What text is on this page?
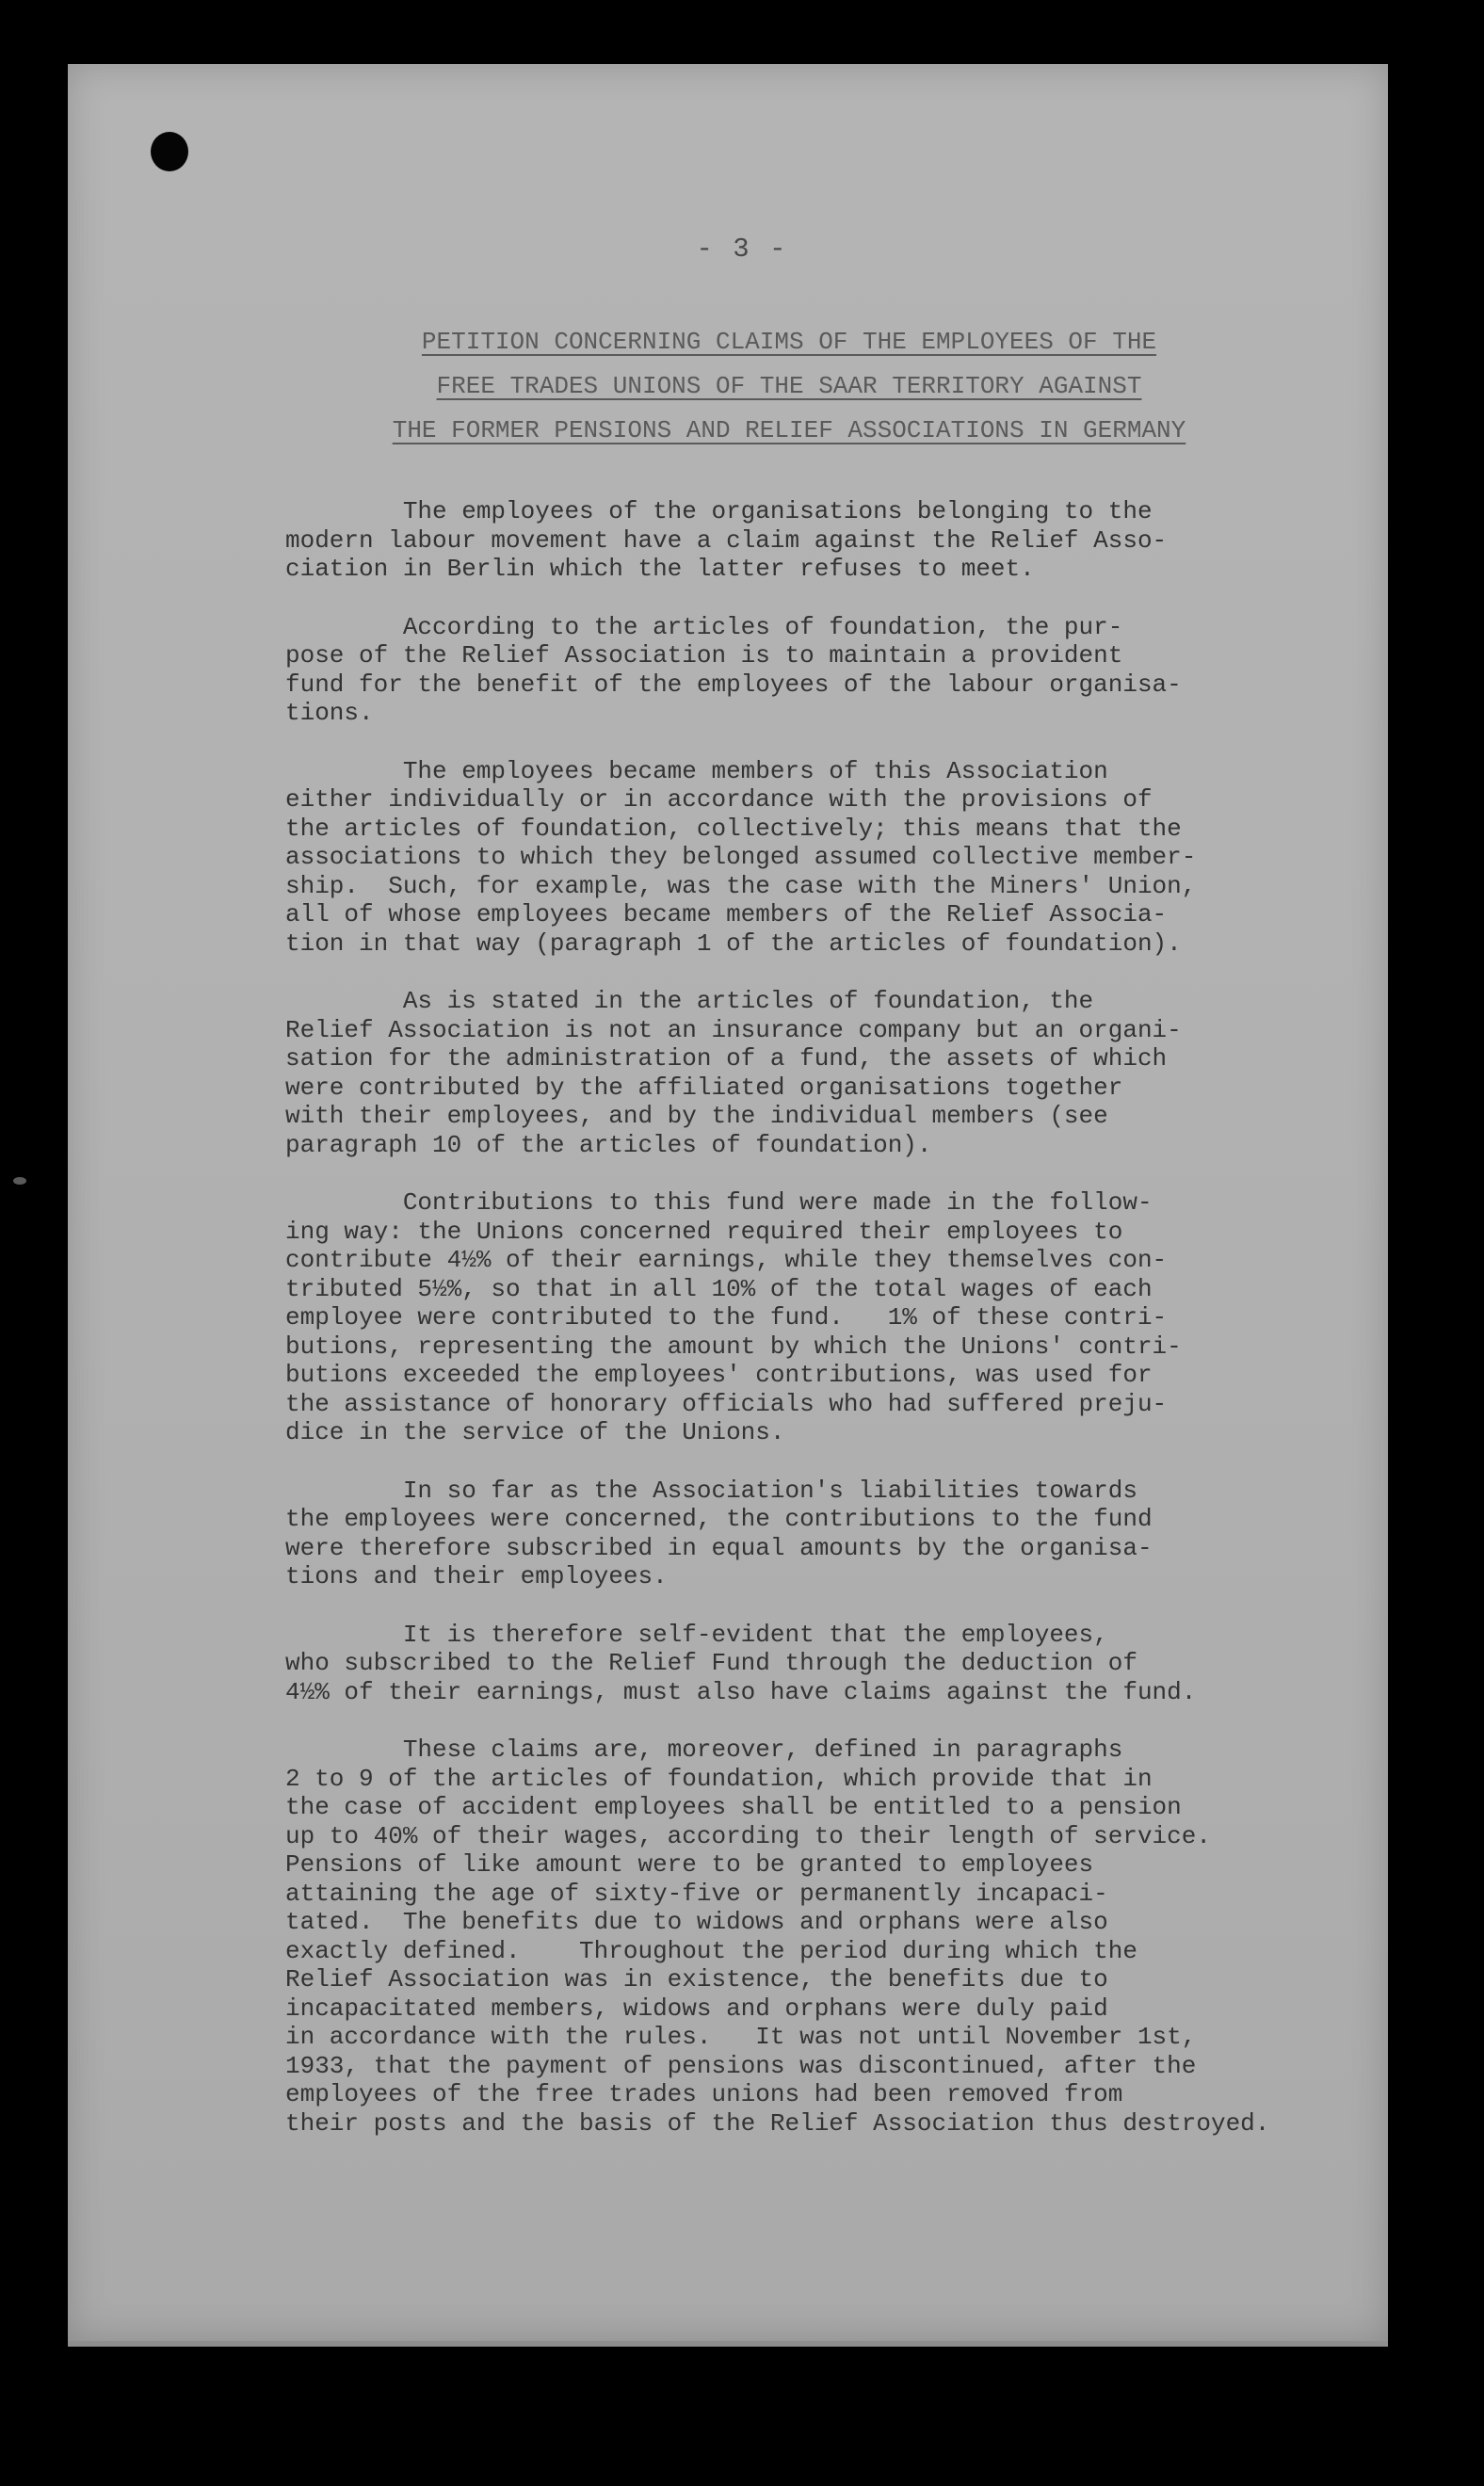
- 3 -
PETITION CONCERNING CLAIMS OF THE EMPLOYEES OF THE
FREE TRADES UNIONS OF THE SAAR TERRITORY AGAINST
THE FORMER PENSIONS AND RELIEF ASSOCIATIONS IN GERMANY
The employees of the organisations belonging to the
modern labour movement have a claim against the Relief Asso-
ciation in Berlin which the latter refuses to meet.
According to the articles of foundation, the pur-
pose of the Relief Association is to maintain a provident
fund for the benefit of the employees of the labour organisa-
tions.
The employees became members of this Association
either individually or in accordance with the provisions of
the articles of foundation, collectively; this means that the
associations to which they belonged assumed collective member-
ship.  Such, for example, was the case with the Miners' Union,
all of whose employees became members of the Relief Associa-
tion in that way (paragraph 1 of the articles of foundation).
As is stated in the articles of foundation, the
Relief Association is not an insurance company but an organi-
sation for the administration of a fund, the assets of which
were contributed by the affiliated organisations together
with their employees, and by the individual members (see
paragraph 10 of the articles of foundation).
Contributions to this fund were made in the follow-
ing way: the Unions concerned required their employees to
contribute 4½% of their earnings, while they themselves con-
tributed 5½%, so that in all 10% of the total wages of each
employee were contributed to the fund.   1% of these contri-
butions, representing the amount by which the Unions' contri-
butions exceeded the employees' contributions, was used for
the assistance of honorary officials who had suffered preju-
dice in the service of the Unions.
In so far as the Association's liabilities towards
the employees were concerned, the contributions to the fund
were therefore subscribed in equal amounts by the organisa-
tions and their employees.
It is therefore self-evident that the employees,
who subscribed to the Relief Fund through the deduction of
4½% of their earnings, must also have claims against the fund.
These claims are, moreover, defined in paragraphs
2 to 9 of the articles of foundation, which provide that in
the case of accident employees shall be entitled to a pension
up to 40% of their wages, according to their length of service.
Pensions of like amount were to be granted to employees
attaining the age of sixty-five or permanently incapaci-
tated.  The benefits due to widows and orphans were also
exactly defined.    Throughout the period during which the
Relief Association was in existence, the benefits due to
incapacitated members, widows and orphans were duly paid
in accordance with the rules.   It was not until November 1st,
1933, that the payment of pensions was discontinued, after the
employees of the free trades unions had been removed from
their posts and the basis of the Relief Association thus destroyed.
